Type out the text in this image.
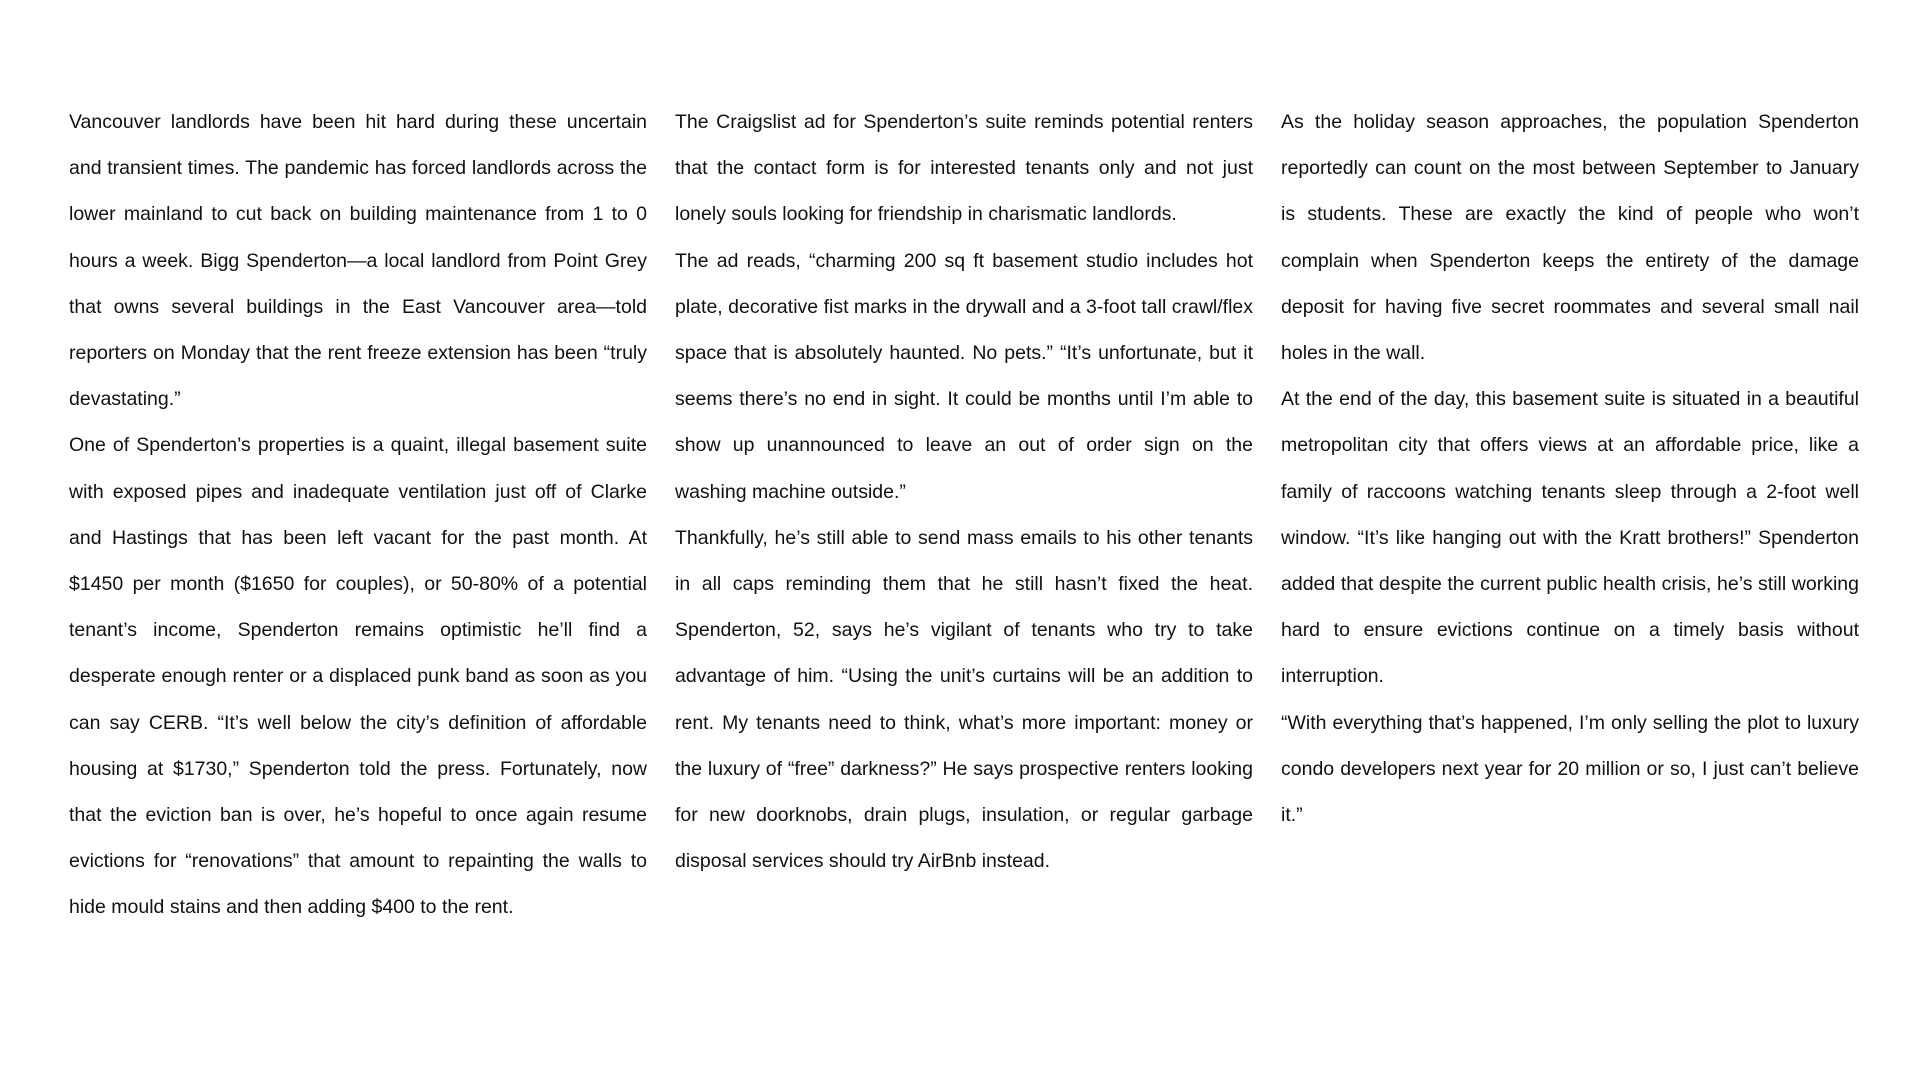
Vancouver landlords have been hit hard during these uncertain and transient times. The pandemic has forced landlords across the lower mainland to cut back on building maintenance from 1 to 0 hours a week. Bigg Spenderton—a local landlord from Point Grey that owns several buildings in the East Vancouver area—told reporters on Monday that the rent freeze extension has been “truly devastating.”

One of Spenderton’s properties is a quaint, illegal basement suite with exposed pipes and inadequate ventilation just off of Clarke and Hastings that has been left vacant for the past month. At $1450 per month ($1650 for couples), or 50-80% of a potential tenant’s income, Spenderton remains optimistic he’ll find a desperate enough renter or a displaced punk band as soon as you can say CERB. “It’s well below the city’s definition of affordable housing at $1730,” Spenderton told the press. Fortunately, now that the eviction ban is over, he’s hopeful to once again resume evictions for “renovations” that amount to repainting the walls to hide mould stains and then adding $400 to the rent.

The Craigslist ad for Spenderton’s suite reminds potential renters that the contact form is for interested tenants only and not just lonely souls looking for friendship in charismatic landlords.

The ad reads, “charming 200 sq ft basement studio includes hot plate, decorative fist marks in the drywall and a 3-foot tall crawl/flex space that is absolutely haunted. No pets.” “It’s unfortunate, but it seems there’s no end in sight. It could be months until I’m able to show up unannounced to leave an out of order sign on the washing machine outside.”

Thankfully, he’s still able to send mass emails to his other tenants in all caps reminding them that he still hasn’t fixed the heat. Spenderton, 52, says he’s vigilant of tenants who try to take advantage of him. “Using the unit’s curtains will be an addition to rent. My tenants need to think, what’s more important: money or the luxury of “free” darkness?” He says prospective renters looking for new doorknobs, drain plugs, insulation, or regular garbage disposal services should try AirBnb instead.

As the holiday season approaches, the population Spenderton reportedly can count on the most between September to January is students. These are exactly the kind of people who won’t complain when Spenderton keeps the entirety of the damage deposit for having five secret roommates and several small nail holes in the wall.

At the end of the day, this basement suite is situated in a beautiful metropolitan city that offers views at an affordable price, like a family of raccoons watching tenants sleep through a 2-foot well window. “It’s like hanging out with the Kratt brothers!” Spenderton added that despite the current public health crisis, he’s still working hard to ensure evictions continue on a timely basis without interruption.

“With everything that’s happened, I’m only selling the plot to luxury condo developers next year for 20 million or so, I just can’t believe it.”
